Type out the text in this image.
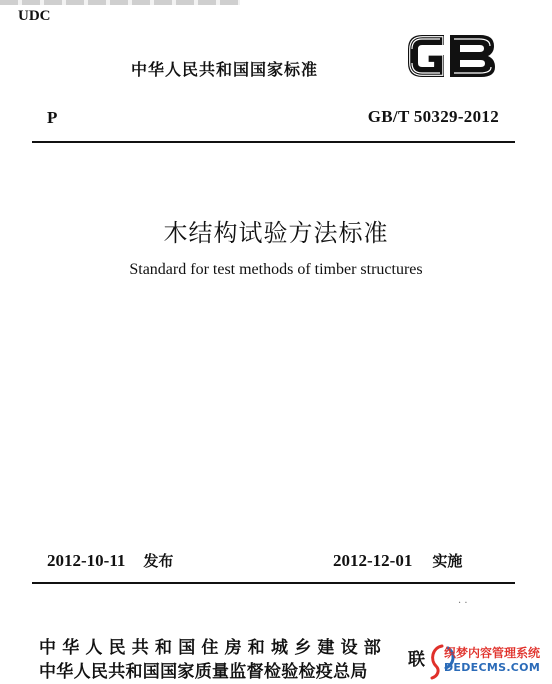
UDC
中华人民共和国国家标准
P	GB/T 50329-2012
木结构试验方法标准
Standard for test methods of timber structures
2012-10-11 发布	2012-12-01 实施
· ·
中华人民共和国住房和城乡建设部
中华人民共和国国家质量监督检验检疫总局
联 织梦内容管理系统
DEDECMS.COM
